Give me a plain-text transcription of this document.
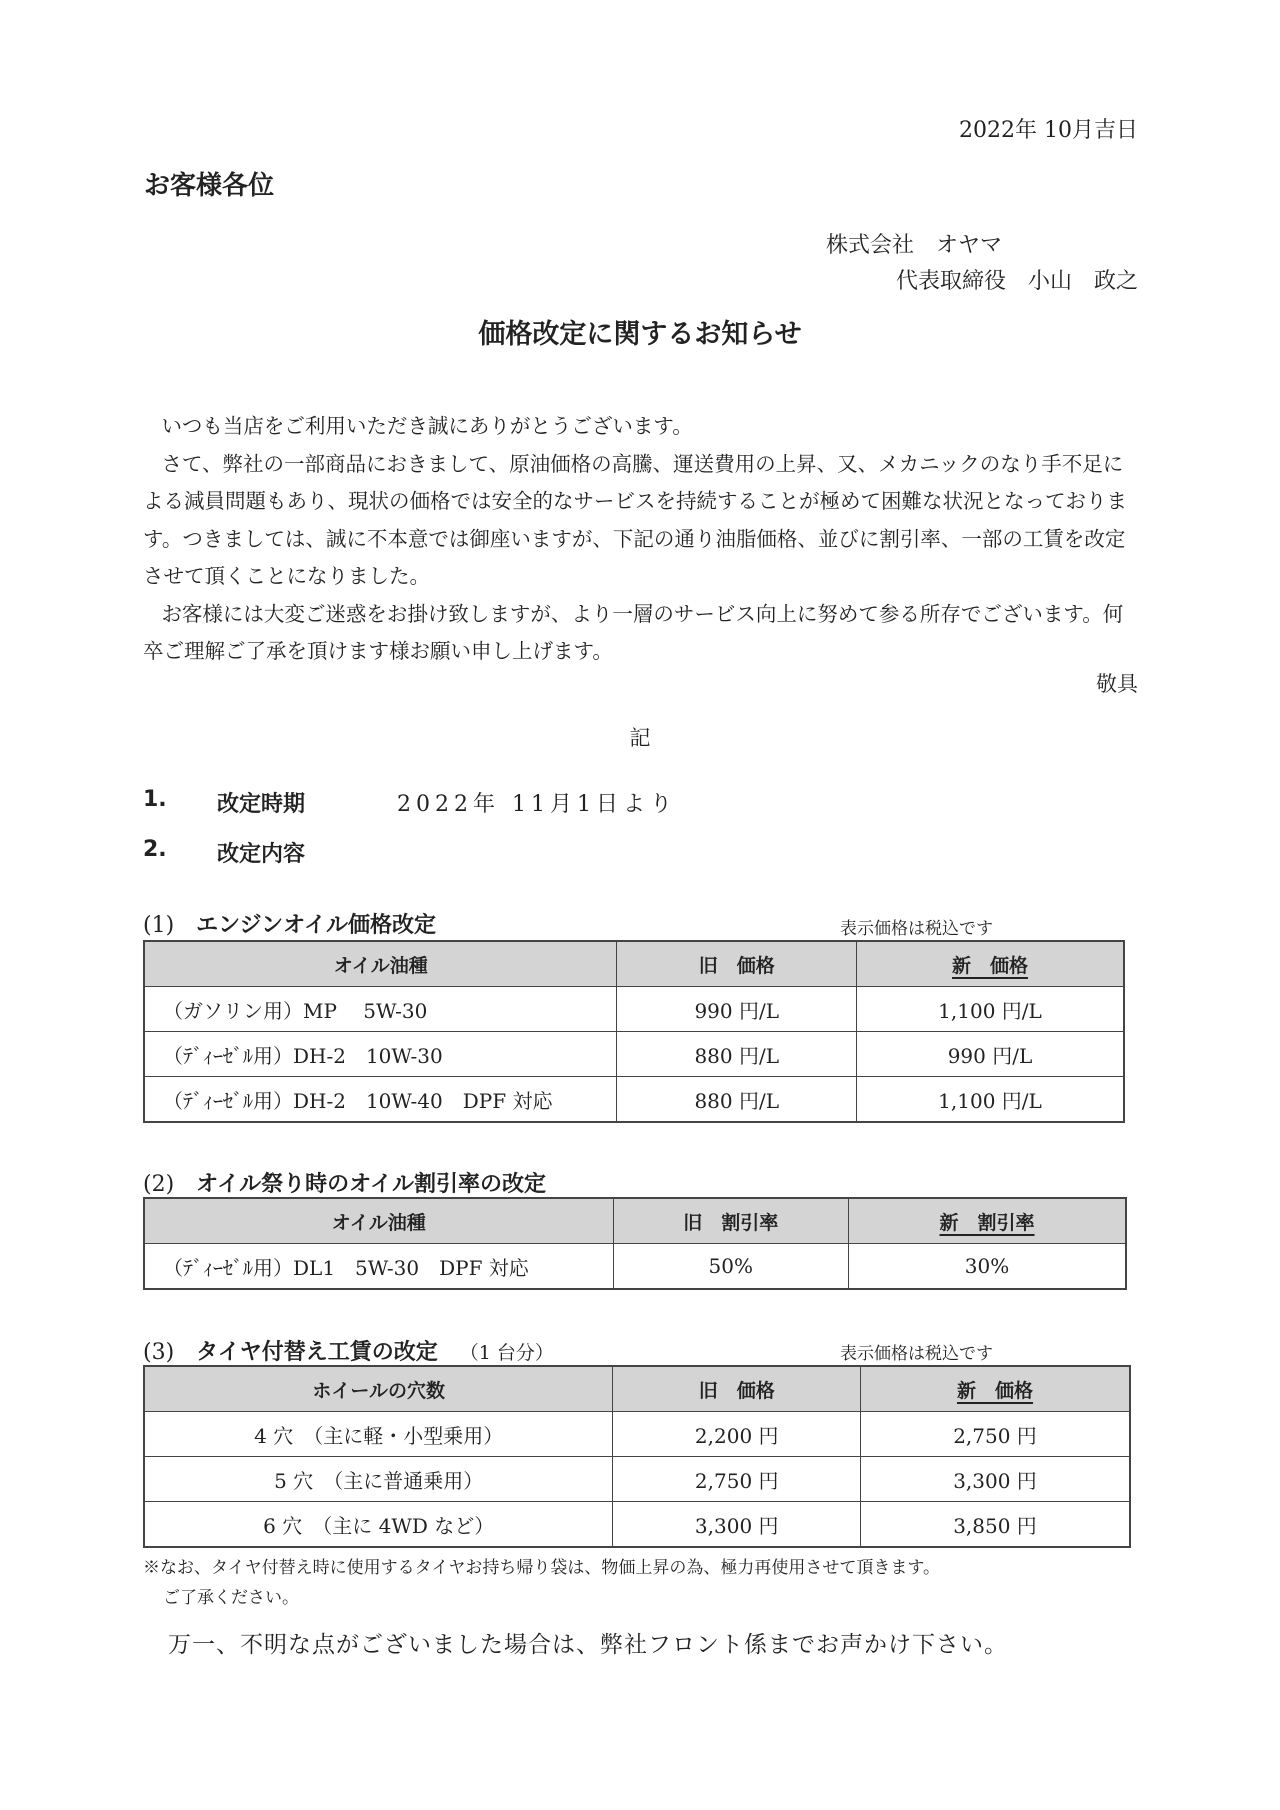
2022年 10月吉日
お客様各位
株式会社　オヤマ
代表取締役　小山　政之
価格改定に関するお知らせ

いつも当店をご利用いただき誠にありがとうございます。

さて、弊社の一部商品におきまして、原油価格の高騰、運送費用の上昇、又、メカニックのなり手不足による減員問題もあり、現状の価格では安全的なサービスを持続することが極めて困難な状況となっております。つきましては、誠に不本意では御座いますが、下記の通り油脂価格、並びに割引率、一部の工賃を改定させて頂くことになりました。

お客様には大変ご迷惑をお掛け致しますが、より一層のサービス向上に努めて参る所存でございます。何卒ご理解ご了承を頂けます様お願い申し上げます。

敬具
記
1.	改定時期	2022年 11月1日より
2.	改定内容
(1) エンジンオイル価格改定	表示価格は税込です
オイル油種	旧　価格	新　価格
（ガソリン用）MP　 5W-30	990 円/L	1,100 円/L
（ﾃﾞｨｰｾﾞﾙ用）DH-2　10W-30	880 円/L	990 円/L
（ﾃﾞｨｰｾﾞﾙ用）DH-2　10W-40　DPF 対応	880 円/L	1,100 円/L
(2) オイル祭り時のオイル割引率の改定
オイル油種	旧　割引率	新　割引率
（ﾃﾞｨｰｾﾞﾙ用）DL1　5W-30　DPF 対応	50%	30%
(3) タイヤ付替え工賃の改定 （1 台分）	表示価格は税込です
ホイールの穴数	旧　価格	新　価格
4 穴　（主に軽・小型乗用）	2,200 円	2,750 円
5 穴　（主に普通乗用）	2,750 円	3,300 円
6 穴　（主に 4WD など）	3,300 円	3,850 円

※なお、タイヤ付替え時に使用するタイヤお持ち帰り袋は、物価上昇の為、極力再使用させて頂きます。

ご了承ください。

万一、不明な点がございました場合は、弊社フロント係までお声かけ下さい。
